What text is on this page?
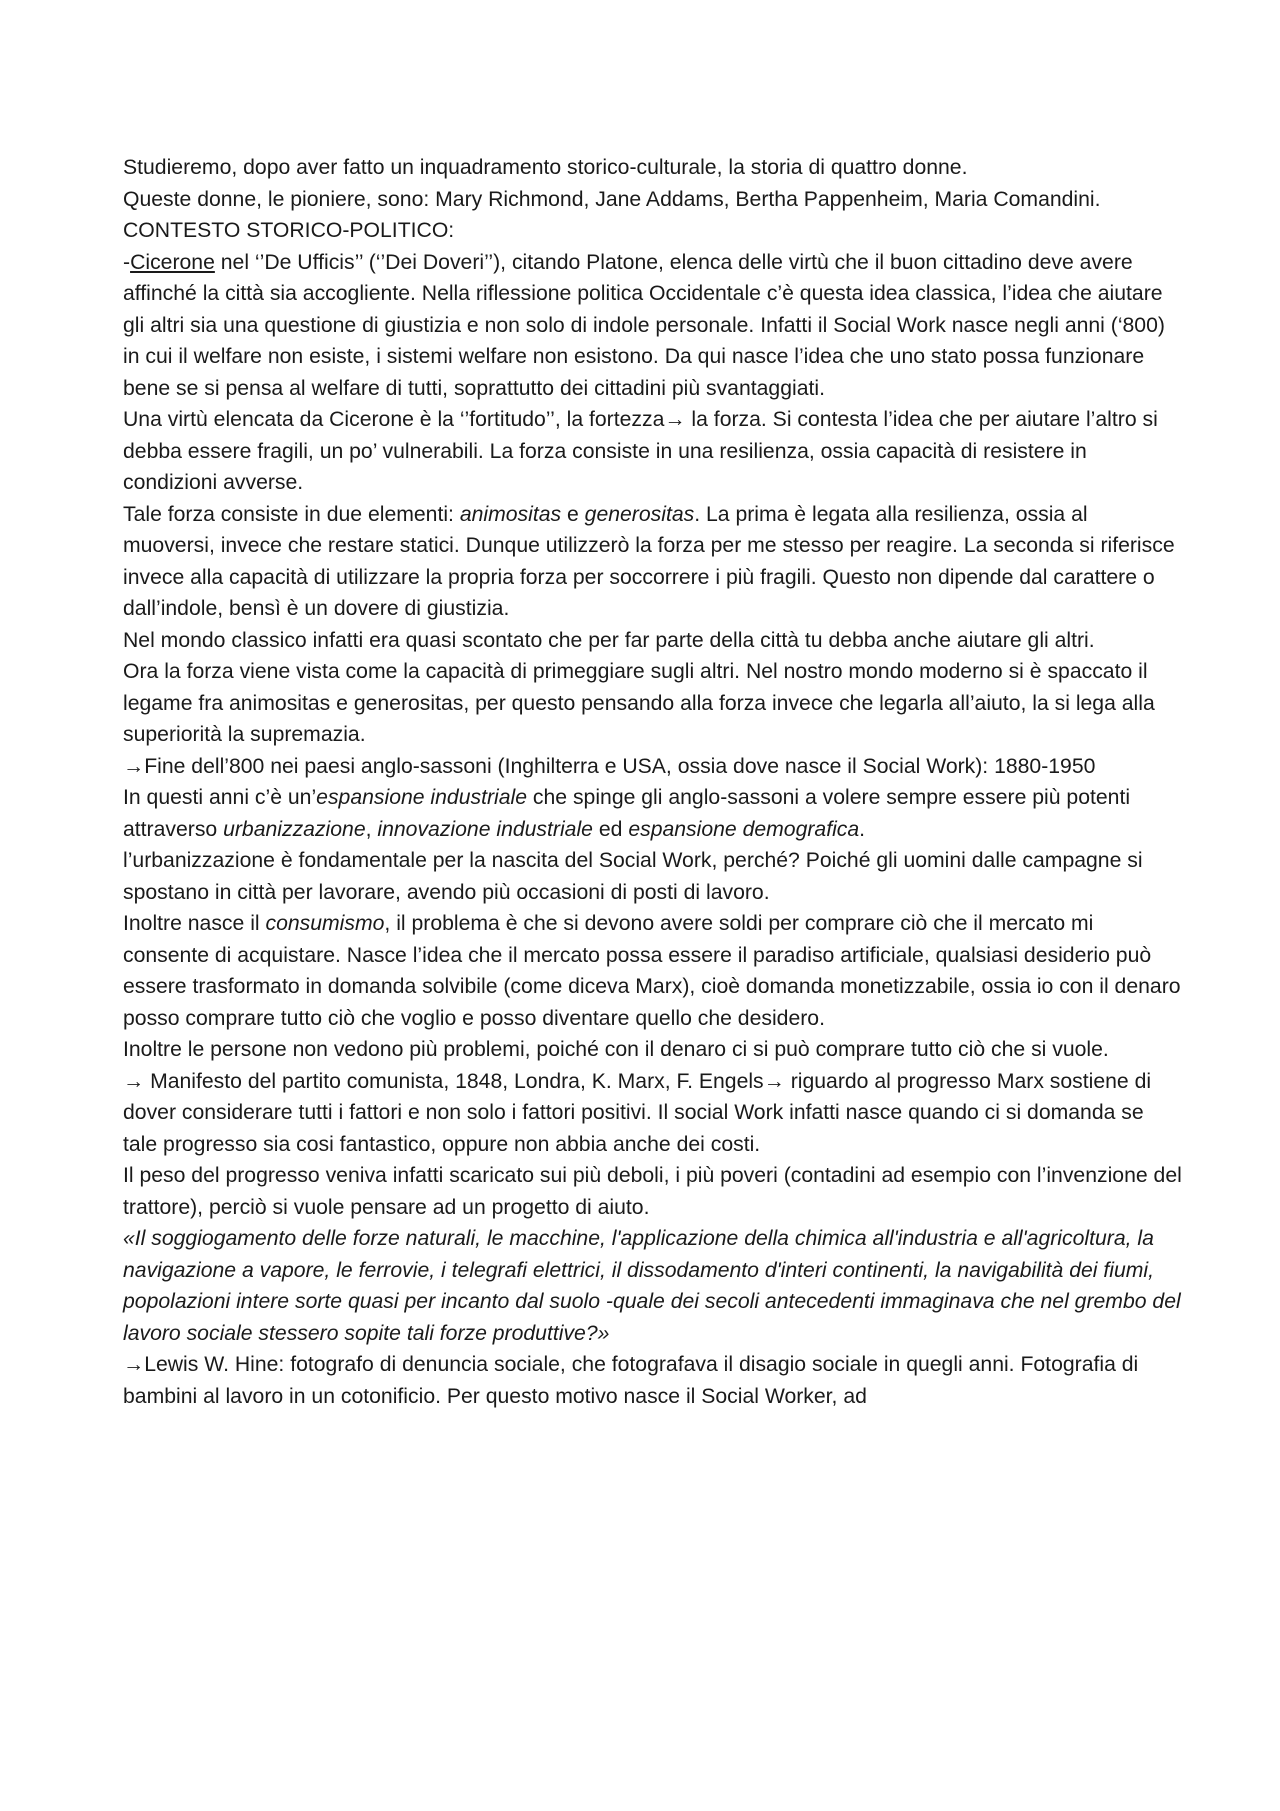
Studieremo, dopo aver fatto un inquadramento storico-culturale, la storia di quattro donne.

Queste donne, le pioniere, sono: Mary Richmond, Jane Addams, Bertha Pappenheim, Maria Comandini.

CONTESTO STORICO-POLITICO:

-Cicerone nel ‘’De Ufficis’’ (‘’Dei Doveri’’), citando Platone, elenca delle virtù che il buon cittadino deve avere affinché la città sia accogliente. Nella riflessione politica Occidentale c’è questa idea classica, l’idea che aiutare gli altri sia una questione di giustizia e non solo di indole personale. Infatti il Social Work nasce negli anni (‘800) in cui il welfare non esiste, i sistemi welfare non esistono. Da qui nasce l’idea che uno stato possa funzionare bene se si pensa al welfare di tutti, soprattutto dei cittadini più svantaggiati.

Una virtù elencata da Cicerone è la ‘’fortitudo’’, la fortezza→ la forza. Si contesta l’idea che per aiutare l’altro si debba essere fragili, un po’ vulnerabili. La forza consiste in una resilienza, ossia capacità di resistere in condizioni avverse.

Tale forza consiste in due elementi: animositas e generositas. La prima è legata alla resilienza, ossia al muoversi, invece che restare statici. Dunque utilizzerò la forza per me stesso per reagire. La seconda si riferisce invece alla capacità di utilizzare la propria forza per soccorrere i più fragili. Questo non dipende dal carattere o dall’indole, bensì è un dovere di giustizia.

Nel mondo classico infatti era quasi scontato che per far parte della città tu debba anche aiutare gli altri.

Ora la forza viene vista come la capacità di primeggiare sugli altri. Nel nostro mondo moderno si è spaccato il legame fra animositas e generositas, per questo pensando alla forza invece che legarla all’aiuto, la si lega alla superiorità la supremazia.

→Fine dell’800 nei paesi anglo-sassoni (Inghilterra e USA, ossia dove nasce il Social Work): 1880-1950

In questi anni c’è un’espansione industriale che spinge gli anglo-sassoni a volere sempre essere più potenti attraverso urbanizzazione, innovazione industriale ed espansione demografica.

l’urbanizzazione è fondamentale per la nascita del Social Work, perché? Poiché gli uomini dalle campagne si spostano in città per lavorare, avendo più occasioni di posti di lavoro.

Inoltre nasce il consumismo, il problema è che si devono avere soldi per comprare ciò che il mercato mi consente di acquistare. Nasce l’idea che il mercato possa essere il paradiso artificiale, qualsiasi desiderio può essere trasformato in domanda solvibile (come diceva Marx), cioè domanda monetizzabile, ossia io con il denaro posso comprare tutto ciò che voglio e posso diventare quello che desidero.

Inoltre le persone non vedono più problemi, poiché con il denaro ci si può comprare tutto ciò che si vuole.

→ Manifesto del partito comunista, 1848, Londra, K. Marx, F. Engels→ riguardo al progresso Marx sostiene di dover considerare tutti i fattori e non solo i fattori positivi. Il social Work infatti nasce quando ci si domanda se tale progresso sia cosi fantastico, oppure non abbia anche dei costi.

Il peso del progresso veniva infatti scaricato sui più deboli, i più poveri (contadini ad esempio con l’invenzione del trattore), perciò si vuole pensare ad un progetto di aiuto.

«Il soggiogamento delle forze naturali, le macchine, l'applicazione della chimica all'industria e all'agricoltura, la navigazione a vapore, le ferrovie, i telegrafi elettrici, il dissodamento d'interi continenti, la navigabilità dei fiumi, popolazioni intere sorte quasi per incanto dal suolo -quale dei secoli antecedenti immaginava che nel grembo del lavoro sociale stessero sopite tali forze produttive?»

→Lewis W. Hine: fotografo di denuncia sociale, che fotografava il disagio sociale in quegli anni. Fotografia di bambini al lavoro in un cotonificio. Per questo motivo nasce il Social Worker, ad
